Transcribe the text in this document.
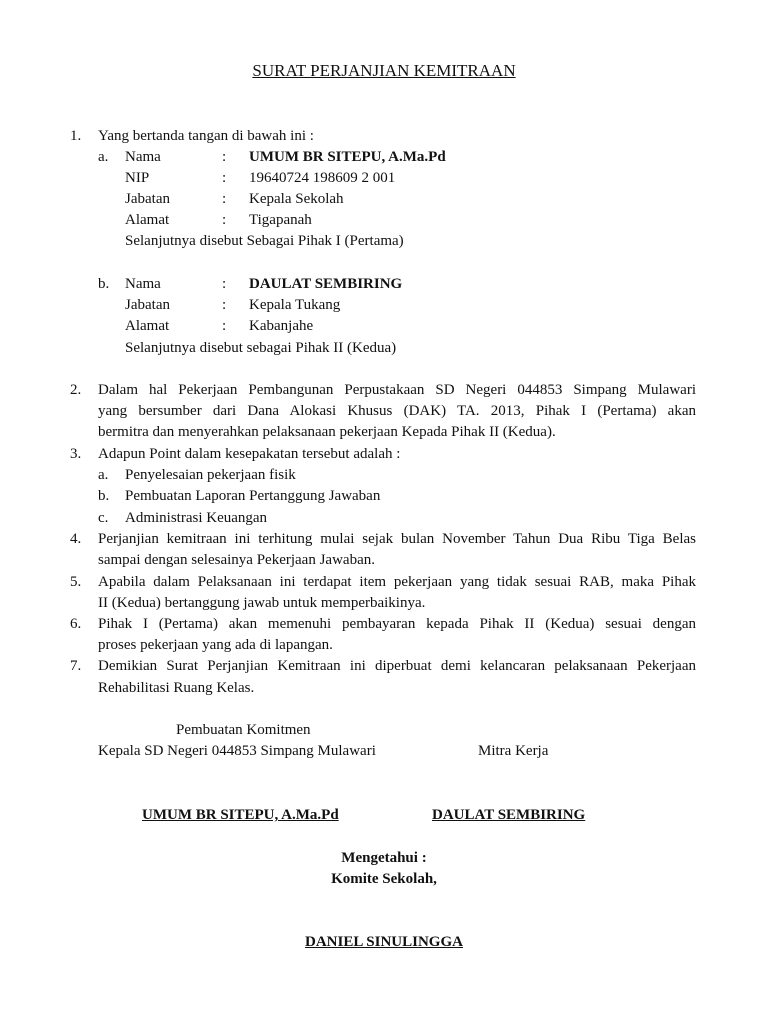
SURAT PERJANJIAN KEMITRAAN
1. Yang bertanda tangan di bawah ini :
a. Nama	: UMUM BR SITEPU, A.Ma.Pd
NIP	: 19640724 198609 2 001
Jabatan	: Kepala Sekolah
Alamat	: Tigapanah
Selanjutnya disebut Sebagai Pihak I (Pertama)
b. Nama	: DAULAT SEMBIRING
Jabatan	: Kepala Tukang
Alamat	: Kabanjahe
Selanjutnya disebut sebagai Pihak II (Kedua)
2. Dalam hal Pekerjaan Pembangunan Perpustakaan SD Negeri 044853 Simpang Mulawari
yang bersumber dari Dana Alokasi Khusus (DAK) TA. 2013, Pihak I (Pertama) akan
bermitra dan menyerahkan pelaksanaan pekerjaan Kepada Pihak II (Kedua).
3. Adapun Point dalam kesepakatan tersebut adalah :
a. Penyelesaian pekerjaan fisik
b. Pembuatan Laporan Pertanggung Jawaban
c. Administrasi Keuangan
4. Perjanjian kemitraan ini terhitung mulai sejak bulan November Tahun Dua Ribu Tiga Belas
sampai dengan selesainya Pekerjaan Jawaban.
5. Apabila dalam Pelaksanaan ini terdapat item pekerjaan yang tidak sesuai RAB, maka Pihak
II (Kedua) bertanggung jawab untuk memperbaikinya.
6. Pihak I (Pertama) akan memenuhi pembayaran kepada Pihak II (Kedua) sesuai dengan
proses pekerjaan yang ada di lapangan.
7. Demikian Surat Perjanjian Kemitraan ini diperbuat demi kelancaran pelaksanaan Pekerjaan
Rehabilitasi Ruang Kelas.
Pembuatan Komitmen
Kepala SD Negeri 044853 Simpang Mulawari	Mitra Kerja
UMUM BR SITEPU, A.Ma.Pd	DAULAT SEMBIRING
Mengetahui :
Komite Sekolah,
DANIEL SINULINGGA
